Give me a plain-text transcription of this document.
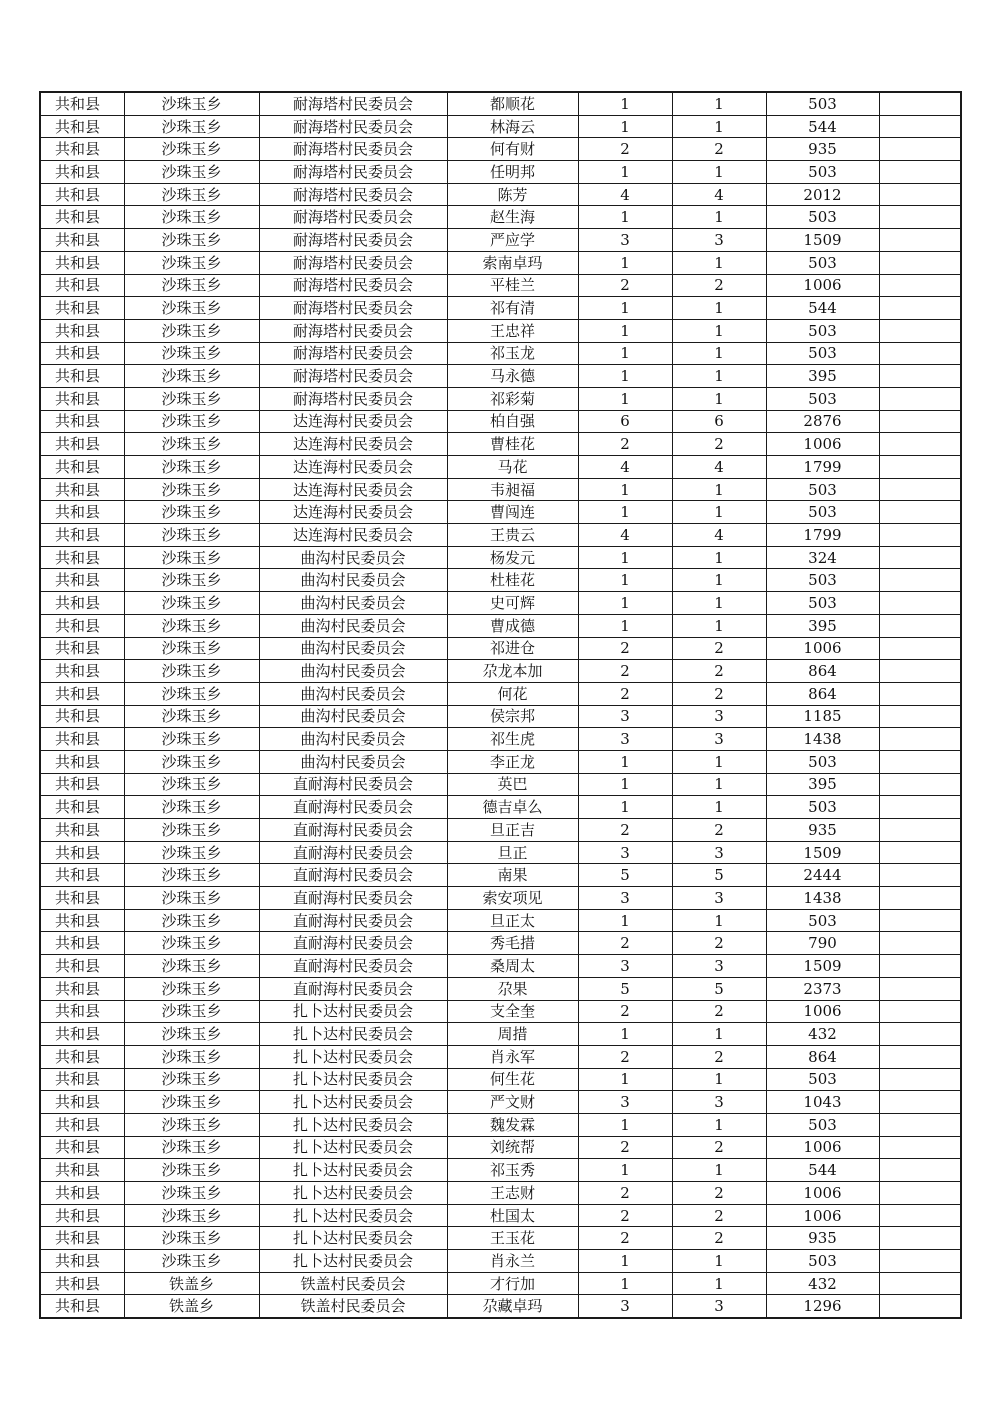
共和县	沙珠玉乡	耐海塔村民委员会	都顺花	1	1	503	
共和县	沙珠玉乡	耐海塔村民委员会	林海云	1	1	544	
共和县	沙珠玉乡	耐海塔村民委员会	何有财	2	2	935	
共和县	沙珠玉乡	耐海塔村民委员会	任明邦	1	1	503	
共和县	沙珠玉乡	耐海塔村民委员会	陈芳	4	4	2012	
共和县	沙珠玉乡	耐海塔村民委员会	赵生海	1	1	503	
共和县	沙珠玉乡	耐海塔村民委员会	严应学	3	3	1509	
共和县	沙珠玉乡	耐海塔村民委员会	索南卓玛	1	1	503	
共和县	沙珠玉乡	耐海塔村民委员会	平桂兰	2	2	1006	
共和县	沙珠玉乡	耐海塔村民委员会	祁有清	1	1	544	
共和县	沙珠玉乡	耐海塔村民委员会	王忠祥	1	1	503	
共和县	沙珠玉乡	耐海塔村民委员会	祁玉龙	1	1	503	
共和县	沙珠玉乡	耐海塔村民委员会	马永德	1	1	395	
共和县	沙珠玉乡	耐海塔村民委员会	祁彩菊	1	1	503	
共和县	沙珠玉乡	达连海村民委员会	柏自强	6	6	2876	
共和县	沙珠玉乡	达连海村民委员会	曹桂花	2	2	1006	
共和县	沙珠玉乡	达连海村民委员会	马花	4	4	1799	
共和县	沙珠玉乡	达连海村民委员会	韦昶福	1	1	503	
共和县	沙珠玉乡	达连海村民委员会	曹闯连	1	1	503	
共和县	沙珠玉乡	达连海村民委员会	王贵云	4	4	1799	
共和县	沙珠玉乡	曲沟村民委员会	杨发元	1	1	324	
共和县	沙珠玉乡	曲沟村民委员会	杜桂花	1	1	503	
共和县	沙珠玉乡	曲沟村民委员会	史可辉	1	1	503	
共和县	沙珠玉乡	曲沟村民委员会	曹成德	1	1	395	
共和县	沙珠玉乡	曲沟村民委员会	祁进仓	2	2	1006	
共和县	沙珠玉乡	曲沟村民委员会	尕龙本加	2	2	864	
共和县	沙珠玉乡	曲沟村民委员会	何花	2	2	864	
共和县	沙珠玉乡	曲沟村民委员会	侯宗邦	3	3	1185	
共和县	沙珠玉乡	曲沟村民委员会	祁生虎	3	3	1438	
共和县	沙珠玉乡	曲沟村民委员会	李正龙	1	1	503	
共和县	沙珠玉乡	直耐海村民委员会	英巴	1	1	395	
共和县	沙珠玉乡	直耐海村民委员会	德吉卓么	1	1	503	
共和县	沙珠玉乡	直耐海村民委员会	旦正吉	2	2	935	
共和县	沙珠玉乡	直耐海村民委员会	旦正	3	3	1509	
共和县	沙珠玉乡	直耐海村民委员会	南果	5	5	2444	
共和县	沙珠玉乡	直耐海村民委员会	索安项见	3	3	1438	
共和县	沙珠玉乡	直耐海村民委员会	旦正太	1	1	503	
共和县	沙珠玉乡	直耐海村民委员会	秀毛措	2	2	790	
共和县	沙珠玉乡	直耐海村民委员会	桑周太	3	3	1509	
共和县	沙珠玉乡	直耐海村民委员会	尕果	5	5	2373	
共和县	沙珠玉乡	扎卜达村民委员会	支全奎	2	2	1006	
共和县	沙珠玉乡	扎卜达村民委员会	周措	1	1	432	
共和县	沙珠玉乡	扎卜达村民委员会	肖永军	2	2	864	
共和县	沙珠玉乡	扎卜达村民委员会	何生花	1	1	503	
共和县	沙珠玉乡	扎卜达村民委员会	严文财	3	3	1043	
共和县	沙珠玉乡	扎卜达村民委员会	魏发霖	1	1	503	
共和县	沙珠玉乡	扎卜达村民委员会	刘统帮	2	2	1006	
共和县	沙珠玉乡	扎卜达村民委员会	祁玉秀	1	1	544	
共和县	沙珠玉乡	扎卜达村民委员会	王志财	2	2	1006	
共和县	沙珠玉乡	扎卜达村民委员会	杜国太	2	2	1006	
共和县	沙珠玉乡	扎卜达村民委员会	王玉花	2	2	935	
共和县	沙珠玉乡	扎卜达村民委员会	肖永兰	1	1	503	
共和县	铁盖乡	铁盖村民委员会	才行加	1	1	432	
共和县	铁盖乡	铁盖村民委员会	尕藏卓玛	3	3	1296	
